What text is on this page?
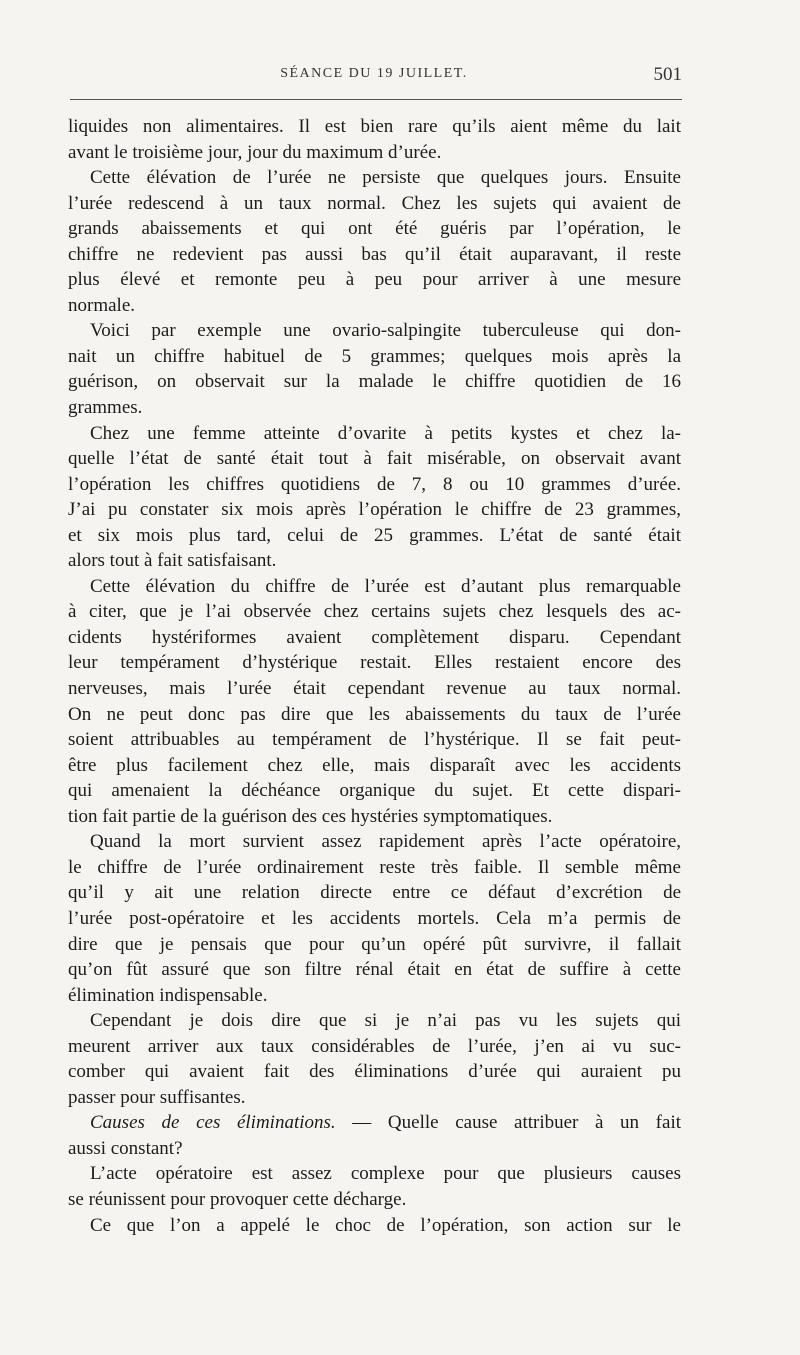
SÉANCE DU 19 JUILLET.	501
liquides non alimentaires. Il est bien rare qu’ils aient même du lait
avant le troisième jour, jour du maximum d’urée.
Cette élévation de l’urée ne persiste que quelques jours. Ensuite
l’urée redescend à un taux normal. Chez les sujets qui avaient de
grands abaissements et qui ont été guéris par l’opération, le
chiffre ne redevient pas aussi bas qu’il était auparavant, il reste
plus élevé et remonte peu à peu pour arriver à une mesure
normale.
Voici par exemple une ovario-salpingite tuberculeuse qui don-
nait un chiffre habituel de 5 grammes; quelques mois après la
guérison, on observait sur la malade le chiffre quotidien de 16
grammes.
Chez une femme atteinte d’ovarite à petits kystes et chez la-
quelle l’état de santé était tout à fait misérable, on observait avant
l’opération les chiffres quotidiens de 7, 8 ou 10 grammes d’urée.
J’ai pu constater six mois après l’opération le chiffre de 23 grammes,
et six mois plus tard, celui de 25 grammes. L’état de santé était
alors tout à fait satisfaisant.
Cette élévation du chiffre de l’urée est d’autant plus remarquable
à citer, que je l’ai observée chez certains sujets chez lesquels des ac-
cidents hystériformes avaient complètement disparu. Cependant
leur tempérament d’hystérique restait. Elles restaient encore des
nerveuses, mais l’urée était cependant revenue au taux normal.
On ne peut donc pas dire que les abaissements du taux de l’urée
soient attribuables au tempérament de l’hystérique. Il se fait peut-
être plus facilement chez elle, mais disparaît avec les accidents
qui amenaient la déchéance organique du sujet. Et cette dispari-
tion fait partie de la guérison des ces hystéries symptomatiques.
Quand la mort survient assez rapidement après l’acte opératoire,
le chiffre de l’urée ordinairement reste très faible. Il semble même
qu’il y ait une relation directe entre ce défaut d’excrétion de
l’urée post-opératoire et les accidents mortels. Cela m’a permis de
dire que je pensais que pour qu’un opéré pût survivre, il fallait
qu’on fût assuré que son filtre rénal était en état de suffire à cette
élimination indispensable.
Cependant je dois dire que si je n’ai pas vu les sujets qui
meurent arriver aux taux considérables de l’urée, j’en ai vu suc-
comber qui avaient fait des éliminations d’urée qui auraient pu
passer pour suffisantes.
Causes de ces éliminations. — Quelle cause attribuer à un fait
aussi constant?
L’acte opératoire est assez complexe pour que plusieurs causes
se réunissent pour provoquer cette décharge.
Ce que l’on a appelé le choc de l’opération, son action sur le
